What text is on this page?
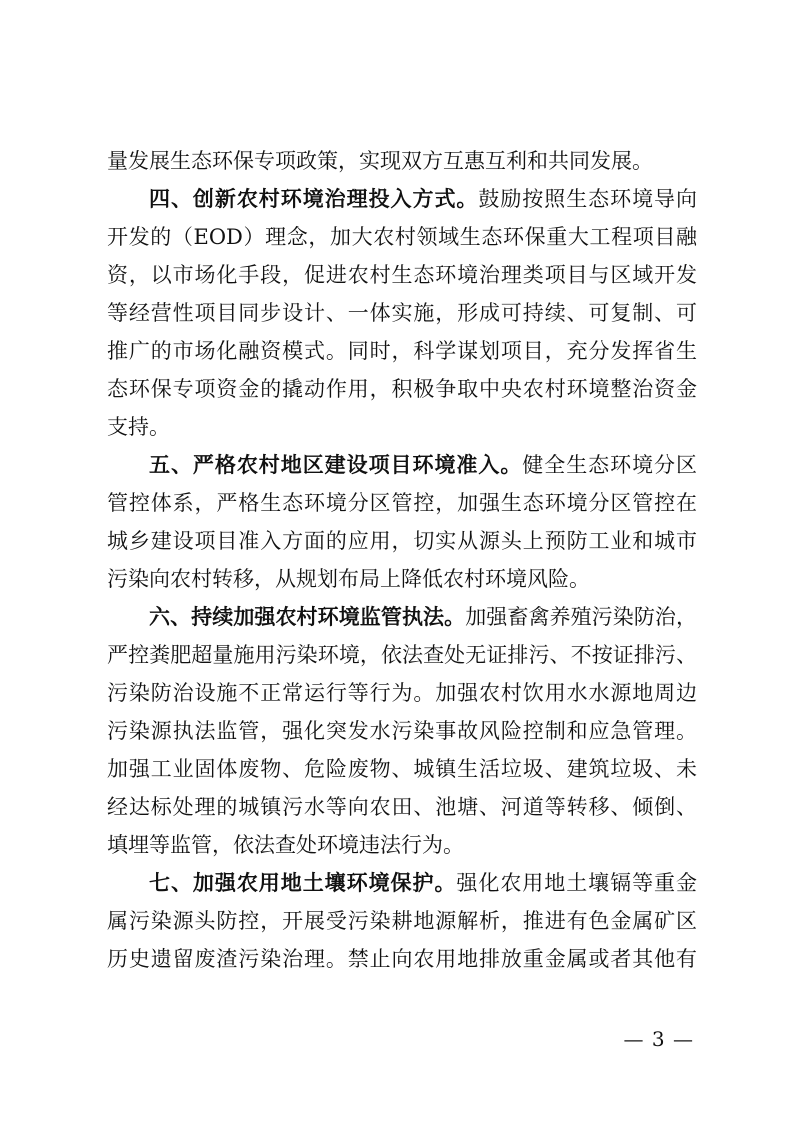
量发展生态环保专项政策，实现双方互惠互利和共同发展。
四、创新农村环境治理投入方式。鼓励按照生态环境导向
开发的（EOD）理念，加大农村领域生态环保重大工程项目融
资，以市场化手段，促进农村生态环境治理类项目与区域开发
等经营性项目同步设计、一体实施，形成可持续、可复制、可
推广的市场化融资模式。同时，科学谋划项目，充分发挥省生
态环保专项资金的撬动作用，积极争取中央农村环境整治资金
支持。
五、严格农村地区建设项目环境准入。健全生态环境分区
管控体系，严格生态环境分区管控，加强生态环境分区管控在
城乡建设项目准入方面的应用，切实从源头上预防工业和城市
污染向农村转移，从规划布局上降低农村环境风险。
六、持续加强农村环境监管执法。加强畜禽养殖污染防治，
严控粪肥超量施用污染环境，依法查处无证排污、不按证排污、
污染防治设施不正常运行等行为。加强农村饮用水水源地周边
污染源执法监管，强化突发水污染事故风险控制和应急管理。
加强工业固体废物、危险废物、城镇生活垃圾、建筑垃圾、未
经达标处理的城镇污水等向农田、池塘、河道等转移、倾倒、
填埋等监管，依法查处环境违法行为。
七、加强农用地土壤环境保护。强化农用地土壤镉等重金
属污染源头防控，开展受污染耕地源解析，推进有色金属矿区
历史遗留废渣污染治理。禁止向农用地排放重金属或者其他有
— 3 —
